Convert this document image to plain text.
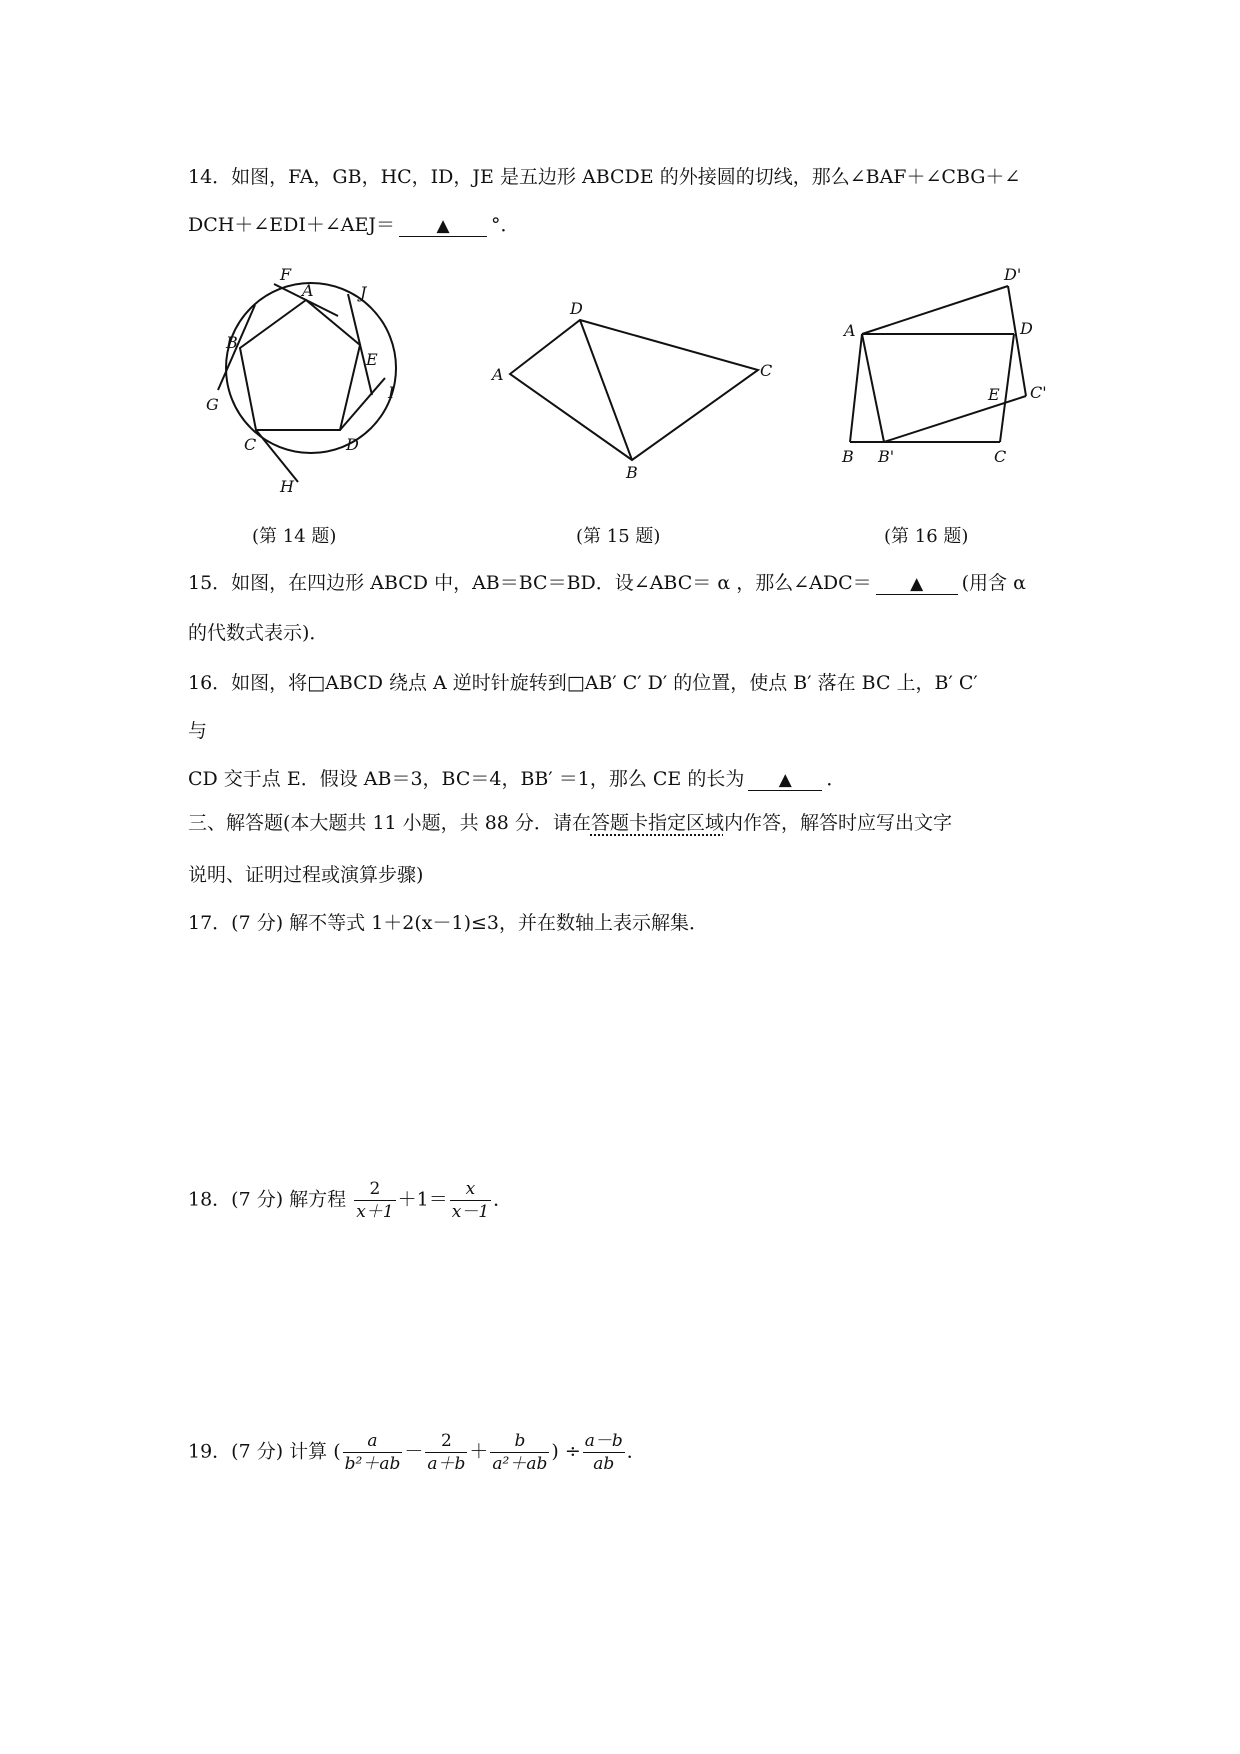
14．如图，FA，GB，HC，ID，JE 是五边形 ABCDE 的外接圆的切线，那么∠BAF＋∠CBG＋∠
DCH＋∠EDI＋∠AEJ＝ ▲ °．
A
B
C	D
E
F
G
H
I
J
A
B
C
D
A
B	C
D
E
B'
C'
D'
(第 14 题)	(第 15 题)	(第 16 题)
15．如图，在四边形 ABCD 中，AB＝BC＝BD．设∠ABC＝ α ，那么∠ADC＝ ▲ (用含 α
的代数式表示)．
16．如图，将□ABCD 绕点 A 逆时针旋转到□AB′ C′ D′ 的位置，使点 B′ 落在 BC 上，B′ C′
与
CD 交于点 E．假设 AB＝3，BC＝4，BB′ ＝1，那么 CE 的长为 ▲ ．
三、解答题(本大题共 11 小题，共 88 分．请在答题卡指定区域内作答，解答时应写出文字
说明、证明过程或演算步骤)
17．(7 分) 解不等式 1＋2(x－1)≤3，并在数轴上表示解集．
18．(7 分) 解方程 $\frac{2}{x+1} +1= \frac{x}{x-1}$ ．
19．(7 分) 计算 ( $\frac{a}{\text{b²＋ab}} - \frac{2}{a+b} + \frac{b}{\text{a²＋ab}}$ ) ÷ $\frac{a-b}{ab}$ ．
